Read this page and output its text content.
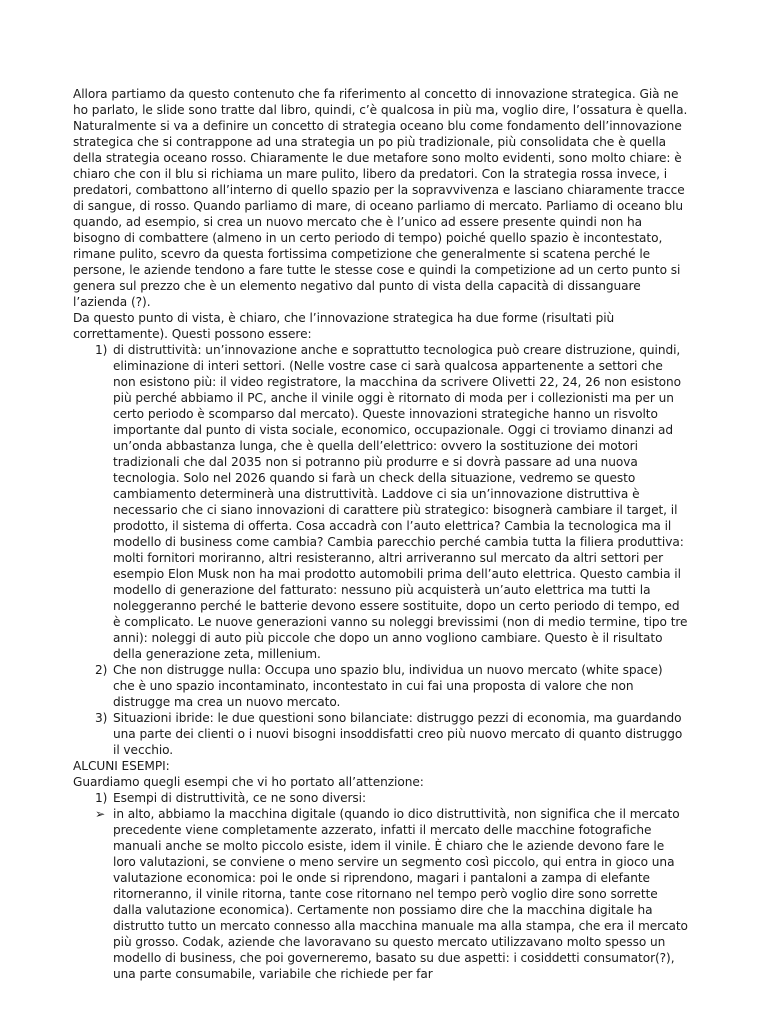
Allora partiamo da questo contenuto che fa riferimento al concetto di innovazione strategica. Già ne ho parlato, le slide sono tratte dal libro, quindi, c’è qualcosa in più ma, voglio dire, l’ossatura è quella. Naturalmente si va a definire un concetto di strategia oceano blu come fondamento dell’innovazione strategica che si contrappone ad una strategia un po più tradizionale, più consolidata che è quella della strategia oceano rosso. Chiaramente le due metafore sono molto evidenti, sono molto chiare: è chiaro che con il blu si richiama un mare pulito, libero da predatori. Con la strategia rossa invece, i predatori, combattono all’interno di quello spazio per la sopravvivenza e lasciano chiaramente tracce di sangue, di rosso. Quando parliamo di mare, di oceano parliamo di mercato. Parliamo di oceano blu quando, ad esempio, si crea un nuovo mercato che è l’unico ad essere presente quindi non ha bisogno di combattere (almeno in un certo periodo di tempo) poiché quello spazio è incontestato, rimane pulito, scevro da questa fortissima competizione che generalmente si scatena perché le persone, le aziende tendono a fare tutte le stesse cose e quindi la competizione ad un certo punto si genera sul prezzo che è un elemento negativo dal punto di vista della capacità di dissanguare l’azienda (?).

Da questo punto di vista, è chiaro, che l’innovazione strategica ha due forme (risultati più correttamente). Questi possono essere:

1) di distruttività: un’innovazione anche e soprattutto tecnologica può creare distruzione, quindi, eliminazione di interi settori. (Nelle vostre case ci sarà qualcosa appartenente a settori che non esistono più: il video registratore, la macchina da scrivere Olivetti 22, 24, 26 non esistono più perché abbiamo il PC, anche il vinile oggi è ritornato di moda per i collezionisti ma per un certo periodo è scomparso dal mercato). Queste innovazioni strategiche hanno un risvolto importante dal punto di vista sociale, economico, occupazionale. Oggi ci troviamo dinanzi ad un’onda abbastanza lunga, che è quella dell’elettrico: ovvero la sostituzione dei motori tradizionali che dal 2035 non si potranno più produrre e si dovrà passare ad una nuova tecnologia. Solo nel 2026 quando si farà un check della situazione, vedremo se questo cambiamento determinerà una distruttività. Laddove ci sia un’innovazione distruttiva è necessario che ci siano innovazioni di carattere più strategico: bisognerà cambiare il target, il prodotto, il sistema di offerta. Cosa accadrà con l’auto elettrica? Cambia la tecnologica ma il modello di business come cambia? Cambia parecchio perché cambia tutta la filiera produttiva: molti fornitori moriranno, altri resisteranno, altri arriveranno sul mercato da altri settori per esempio Elon Musk non ha mai prodotto automobili prima dell’auto elettrica. Questo cambia il modello di generazione del fatturato: nessuno più acquisterà un’auto elettrica ma tutti la noleggeranno perché le batterie devono essere sostituite, dopo un certo periodo di tempo, ed è complicato. Le nuove generazioni vanno su noleggi brevissimi (non di medio termine, tipo tre anni): noleggi di auto più piccole che dopo un anno vogliono cambiare. Questo è il risultato della generazione zeta, millenium.
2) Che non distrugge nulla: Occupa uno spazio blu, individua un nuovo mercato (white space) che è uno spazio incontaminato, incontestato in cui fai una proposta di valore che non distrugge ma crea un nuovo mercato.
3) Situazioni ibride: le due questioni sono bilanciate: distruggo pezzi di economia, ma guardando una parte dei clienti o i nuovi bisogni insoddisfatti creo più nuovo mercato di quanto distruggo il vecchio.

ALCUNI ESEMPI:

Guardiamo quegli esempi che vi ho portato all’attenzione:

1) Esempi di distruttività, ce ne sono diversi:
➢ in alto, abbiamo la macchina digitale (quando io dico distruttività, non significa che il mercato precedente viene completamente azzerato, infatti il mercato delle macchine fotografiche manuali anche se molto piccolo esiste, idem il vinile. È chiaro che le aziende devono fare le loro valutazioni, se conviene o meno servire un segmento così piccolo, qui entra in gioco una valutazione economica: poi le onde si riprendono, magari i pantaloni a zampa di elefante ritorneranno, il vinile ritorna, tante cose ritornano nel tempo però voglio dire sono sorrette dalla valutazione economica). Certamente non possiamo dire che la macchina digitale ha distrutto tutto un mercato connesso alla macchina manuale ma alla stampa, che era il mercato più grosso. Codak, aziende che lavoravano su questo mercato utilizzavano molto spesso un modello di business, che poi governeremo, basato su due aspetti: i cosiddetti consumator(?), una parte consumabile, variabile che richiede per far
